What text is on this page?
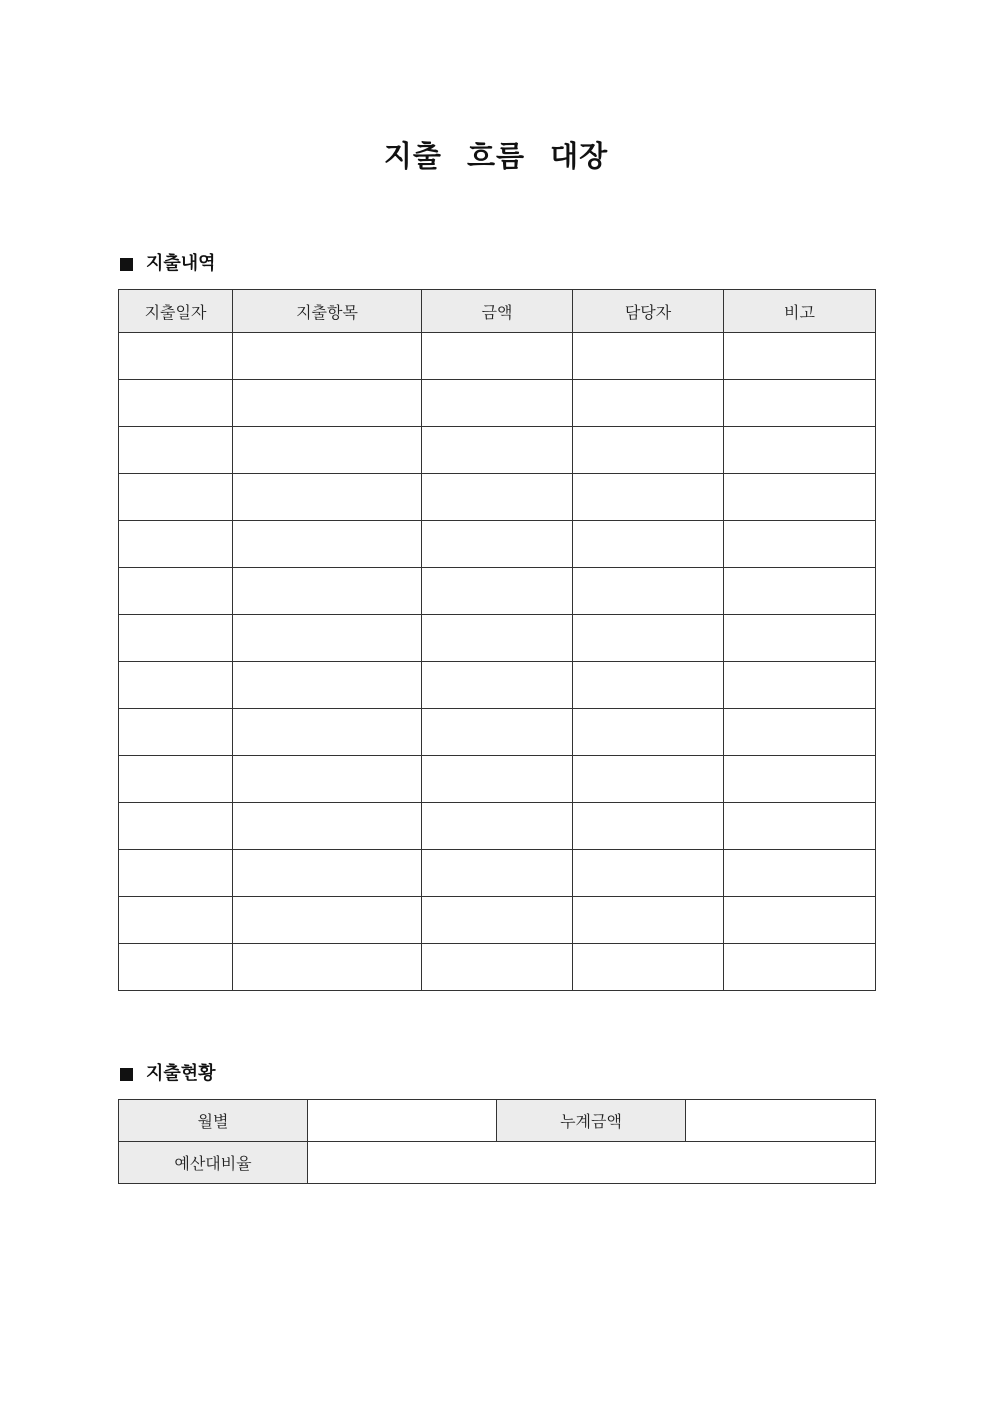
지출 흐름 대장
지출내역
지출일자	지출항목	금액	담당자	비고

지출현황
월별		누계금액	
예산대비율			
